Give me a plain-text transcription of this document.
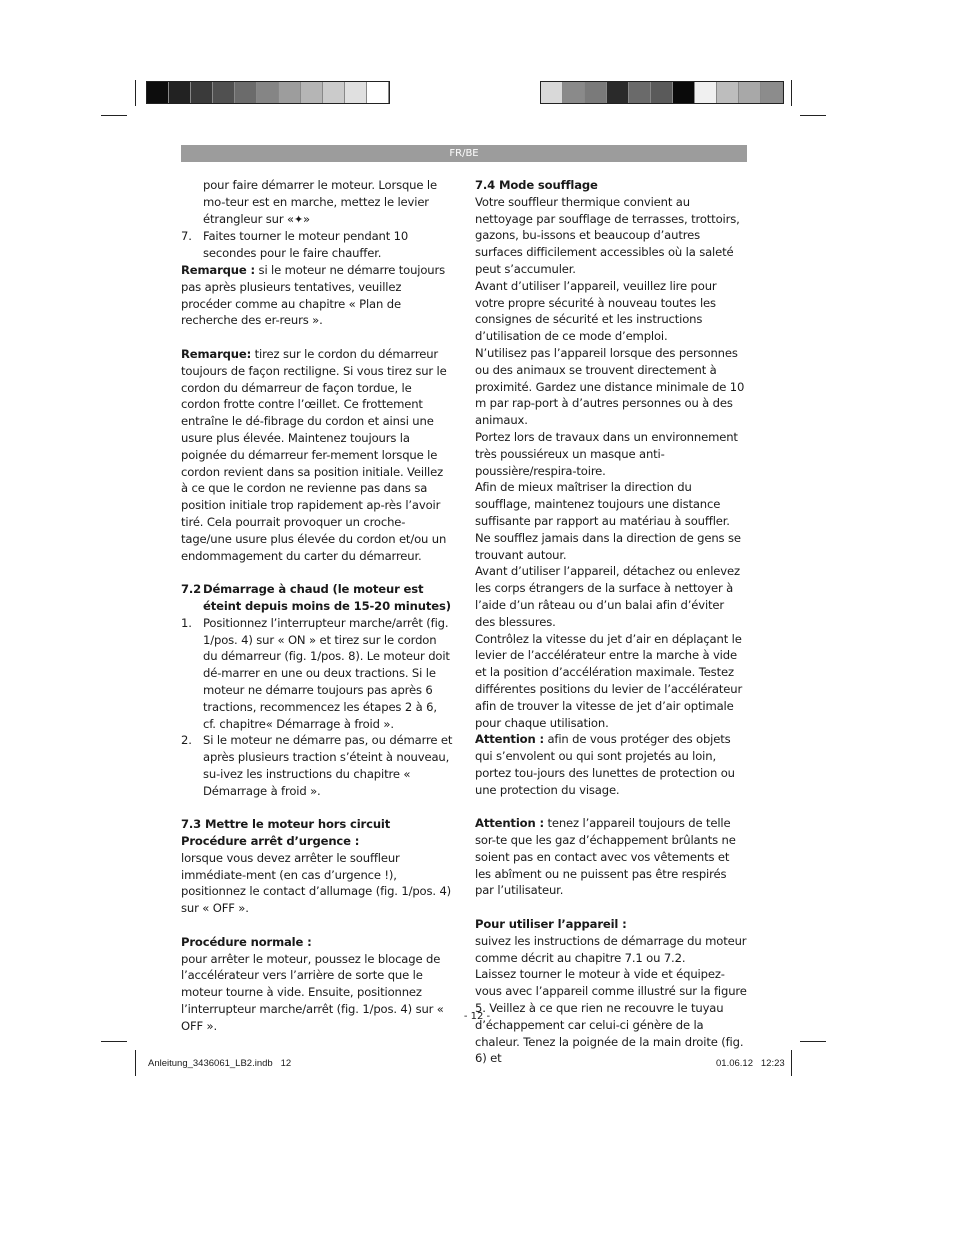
FR/BE

pour faire démarrer le moteur. Lorsque le mo-teur est en marche, mettez le levier étrangleur sur «✦»

7. Faites tourner le moteur pendant 10 secondes pour le faire chauffer.

Remarque : si le moteur ne démarre toujours pas après plusieurs tentatives, veuillez procéder comme au chapitre « Plan de recherche des er-reurs ».

Remarque: tirez sur le cordon du démarreur toujours de façon rectiligne. Si vous tirez sur le cordon du démarreur de façon tordue, le cordon frotte contre l’œillet. Ce frottement entraîne le dé-fibrage du cordon et ainsi une usure plus élevée. Maintenez toujours la poignée du démarreur fer-mement lorsque le cordon revient dans sa position initiale. Veillez à ce que le cordon ne revienne pas dans sa position initiale trop rapidement ap-rès l’avoir tiré. Cela pourrait provoquer un croche-tage/une usure plus élevée du cordon et/ou un endommagement du carter du démarreur.

7.2 Démarrage à chaud (le moteur est éteint depuis moins de 15-20 minutes)
1. Positionnez l’interrupteur marche/arrêt (fig. 1/pos. 4) sur « ON » et tirez sur le cordon du démarreur (fig. 1/pos. 8). Le moteur doit dé-marrer en une ou deux tractions. Si le moteur ne démarre toujours pas après 6 tractions, recommencez les étapes 2 à 6, cf. chapitre« Démarrage à froid ».
2. Si le moteur ne démarre pas, ou démarre et après plusieurs traction s’éteint à nouveau, su-ivez les instructions du chapitre « Démarrage à froid ».

7.3 Mettre le moteur hors circuit

Procédure arrêt d’urgence :

lorsque vous devez arrêter le souffleur immédiate-ment (en cas d’urgence !), positionnez le contact d’allumage (fig. 1/pos. 4) sur « OFF ».

Procédure normale :

pour arrêter le moteur, poussez le blocage de l’accélérateur vers l’arrière de sorte que le moteur tourne à vide. Ensuite, positionnez l’interrupteur marche/arrêt (fig. 1/pos. 4) sur « OFF ».

7.4 Mode soufflage

Votre souffleur thermique convient au nettoyage par soufflage de terrasses, trottoirs, gazons, bu-issons et beaucoup d’autres surfaces difficilement accessibles où la saleté peut s’accumuler.

Avant d’utiliser l’appareil, veuillez lire pour votre propre sécurité à nouveau toutes les consignes de sécurité et les instructions d’utilisation de ce mode d’emploi.

N’utilisez pas l’appareil lorsque des personnes ou des animaux se trouvent directement à proximité. Gardez une distance minimale de 10 m par rap-port à d’autres personnes ou à des animaux.

Portez lors de travaux dans un environnement très poussiéreux un masque anti-poussière/respira-toire.

Afin de mieux maîtriser la direction du soufflage, maintenez toujours une distance suffisante par rapport au matériau à souffler. Ne soufflez jamais dans la direction de gens se trouvant autour.

Avant d’utiliser l’appareil, détachez ou enlevez les corps étrangers de la surface à nettoyer à l’aide d’un râteau ou d’un balai afin d’éviter des blessures.

Contrôlez la vitesse du jet d’air en déplaçant le levier de l’accélérateur entre la marche à vide et la position d’accélération maximale. Testez différentes positions du levier de l’accélérateur afin de trouver la vitesse de jet d’air optimale pour chaque utilisation.

Attention : afin de vous protéger des objets qui s’envolent ou qui sont projetés au loin, portez tou-jours des lunettes de protection ou une protection du visage.

Attention : tenez l’appareil toujours de telle sor-te que les gaz d’échappement brûlants ne soient pas en contact avec vos vêtements et les abîment ou ne puissent pas être respirés par l’utilisateur.

Pour utiliser l’appareil :

suivez les instructions de démarrage du moteur comme décrit au chapitre 7.1 ou 7.2.

Laissez tourner le moteur à vide et équipez-vous avec l’appareil comme illustré sur la figure 5. Veillez à ce que rien ne recouvre le tuyau d’échappement car celui-ci génère de la chaleur. Tenez la poignée de la main droite (fig. 6) et

- 12 -
Anleitung_3436061_LB2.indb   12	01.06.12   12:23
